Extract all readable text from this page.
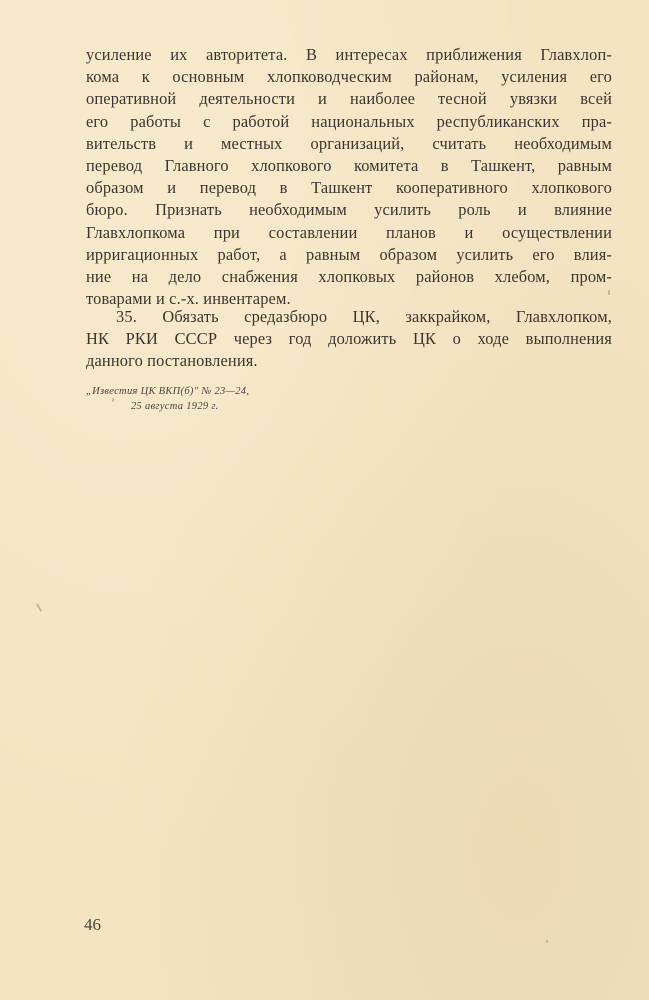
усиление их авторитета. В интересах приближения Главхлоп-
кома к основным хлопководческим районам, усиления его
оперативной деятельности и наиболее тесной увязки всей
его работы с работой национальных республиканских пра-
вительств и местных организаций, считать необходимым
перевод Главного хлопкового комитета в Ташкент, равным
образом и перевод в Ташкент кооперативного хлопкового
бюро. Признать необходимым усилить роль и влияние
Главхлопкома при составлении планов и осуществлении
ирригационных работ, а равным образом усилить его влия-
ние на дело снабжения хлопковых районов хлебом, пром-
товарами и с.-х. инвентарем.
35. Обязать средазбюро ЦК, заккрайком, Главхлопком,
НК РКИ СССР через год доложить ЦК о ходе выполнения
данного постановления.
„Известия ЦК ВКП(б)" № 23—24,
25 августа 1929 г.
46
